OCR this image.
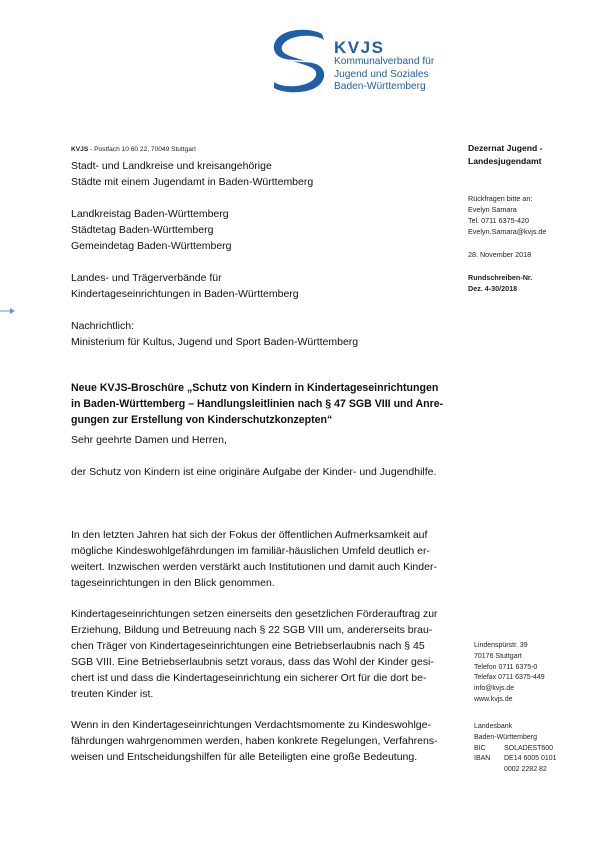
KVJS
Kommunalverband für
Jugend und Soziales
Baden-Württemberg
KVJS - Postfach 10 60 22, 70049 Stuttgart
Stadt- und Landkreise und kreisangehörige
Städte mit einem Jugendamt in Baden-Württemberg
Landkreistag Baden-Württemberg
Städtetag Baden-Württemberg
Gemeindetag Baden-Württemberg
Landes- und Trägerverbände für
Kindertageseinrichtungen in Baden-Württemberg
Nachrichtlich:
Ministerium für Kultus, Jugend und Sport Baden-Württemberg
Dezernat Jugend -
Landesjugendamt
Rückfragen bitte an:
Evelyn Samara
Tel. 0711 6375-420
Evelyn.Samara@kvjs.de
28. November 2018
Rundschreiben-Nr.
Dez. 4-30/2018
Neue KVJS-Broschüre „Schutz von Kindern in Kindertageseinrichtungen
in Baden-Württemberg – Handlungsleitlinien nach § 47 SGB VIII und Anre-
gungen zur Erstellung von Kinderschutzkonzepten“
Sehr geehrte Damen und Herren,
der Schutz von Kindern ist eine originäre Aufgabe der Kinder- und Jugendhilfe.
In den letzten Jahren hat sich der Fokus der öffentlichen Aufmerksamkeit auf
mögliche Kindeswohlgefährdungen im familiär-häuslichen Umfeld deutlich er-
weitert. Inzwischen werden verstärkt auch Institutionen und damit auch Kinder-
tageseinrichtungen in den Blick genommen.
Kindertageseinrichtungen setzen einerseits den gesetzlichen Förderauftrag zur
Erziehung, Bildung und Betreuung nach § 22 SGB VIII um, andererseits brau-
chen Träger von Kindertageseinrichtungen eine Betriebserlaubnis nach § 45
SGB VIII. Eine Betriebserlaubnis setzt voraus, dass das Wohl der Kinder gesi-
chert ist und dass die Kindertageseinrichtung ein sicherer Ort für die dort be-
treuten Kinder ist.
Wenn in den Kindertageseinrichtungen Verdachtsmomente zu Kindeswohlge-
fährdungen wahrgenommen werden, haben konkrete Regelungen, Verfahrens-
weisen und Entscheidungshilfen für alle Beteiligten eine große Bedeutung.
Lindenspürstr. 39
70176 Stuttgart
Telefon 0711 6375-0
Telefax 0711 6375-449
info@kvjs.de
www.kvjs.de
Landesbank
Baden-Württemberg
BIC	SOLADEST600
IBAN DE14 6005 0101
0002 2282 82
